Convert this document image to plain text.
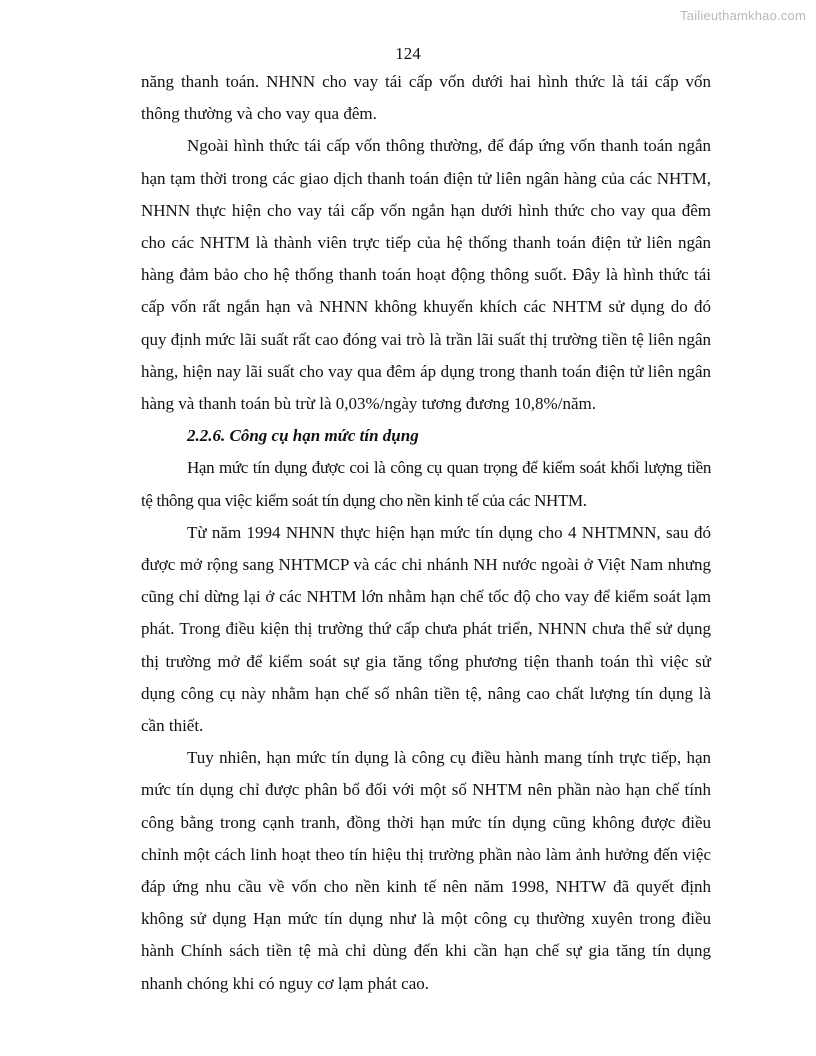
Tailieuthamkhao.com
124

năng thanh toán. NHNN cho vay tái cấp vốn dưới hai hình thức là tái cấp vốn thông thường và cho vay qua đêm.

Ngoài hình thức tái cấp vốn thông thường, để đáp ứng vốn thanh toán ngắn hạn tạm thời trong các giao dịch thanh toán điện tử liên ngân hàng của các NHTM, NHNN thực hiện cho vay tái cấp vốn ngắn hạn dưới hình thức cho vay qua đêm cho các NHTM là thành viên trực tiếp của hệ thống thanh toán điện tử liên ngân hàng đảm bảo cho hệ thống thanh toán hoạt động thông suốt. Đây là hình thức tái cấp vốn rất ngắn hạn và NHNN không khuyến khích các NHTM sử dụng do đó quy định mức lãi suất rất cao đóng vai trò là trần lãi suất thị trường tiền tệ liên ngân hàng, hiện nay lãi suất cho vay qua đêm áp dụng trong thanh toán điện tử liên ngân hàng và thanh toán bù trừ là 0,03%/ngày tương đương 10,8%/năm.

2.2.6. Công cụ hạn mức tín dụng

Hạn mức tín dụng được coi là công cụ quan trọng để kiểm soát khối lượng tiền tệ thông qua việc kiểm soát tín dụng cho nền kinh tế của các NHTM.

Từ năm 1994 NHNN thực hiện hạn mức tín dụng cho 4 NHTMNN, sau đó được mở rộng sang NHTMCP và các chi nhánh NH nước ngoài ở Việt Nam nhưng cũng chỉ dừng lại ở các NHTM lớn nhằm hạn chế tốc độ cho vay để kiểm soát lạm phát. Trong điều kiện thị trường thứ cấp chưa phát triển, NHNN chưa thể sử dụng thị trường mở để kiểm soát sự gia tăng tổng phương tiện thanh toán thì việc sử dụng công cụ này nhằm hạn chế số nhân tiền tệ, nâng cao chất lượng tín dụng là cần thiết.

Tuy nhiên, hạn mức tín dụng là công cụ điều hành mang tính trực tiếp, hạn mức tín dụng chỉ được phân bổ đối với một số NHTM nên phần nào hạn chế tính công bằng trong cạnh tranh, đồng thời hạn mức tín dụng cũng không được điều chỉnh một cách linh hoạt theo tín hiệu thị trường phần nào làm ảnh hưởng đến việc đáp ứng nhu cầu về vốn cho nền kinh tế nên năm 1998, NHTW đã quyết định không sử dụng Hạn mức tín dụng như là một công cụ thường xuyên trong điều hành Chính sách tiền tệ mà chỉ dùng đến khi cần hạn chế sự gia tăng tín dụng nhanh chóng khi có nguy cơ lạm phát cao.
